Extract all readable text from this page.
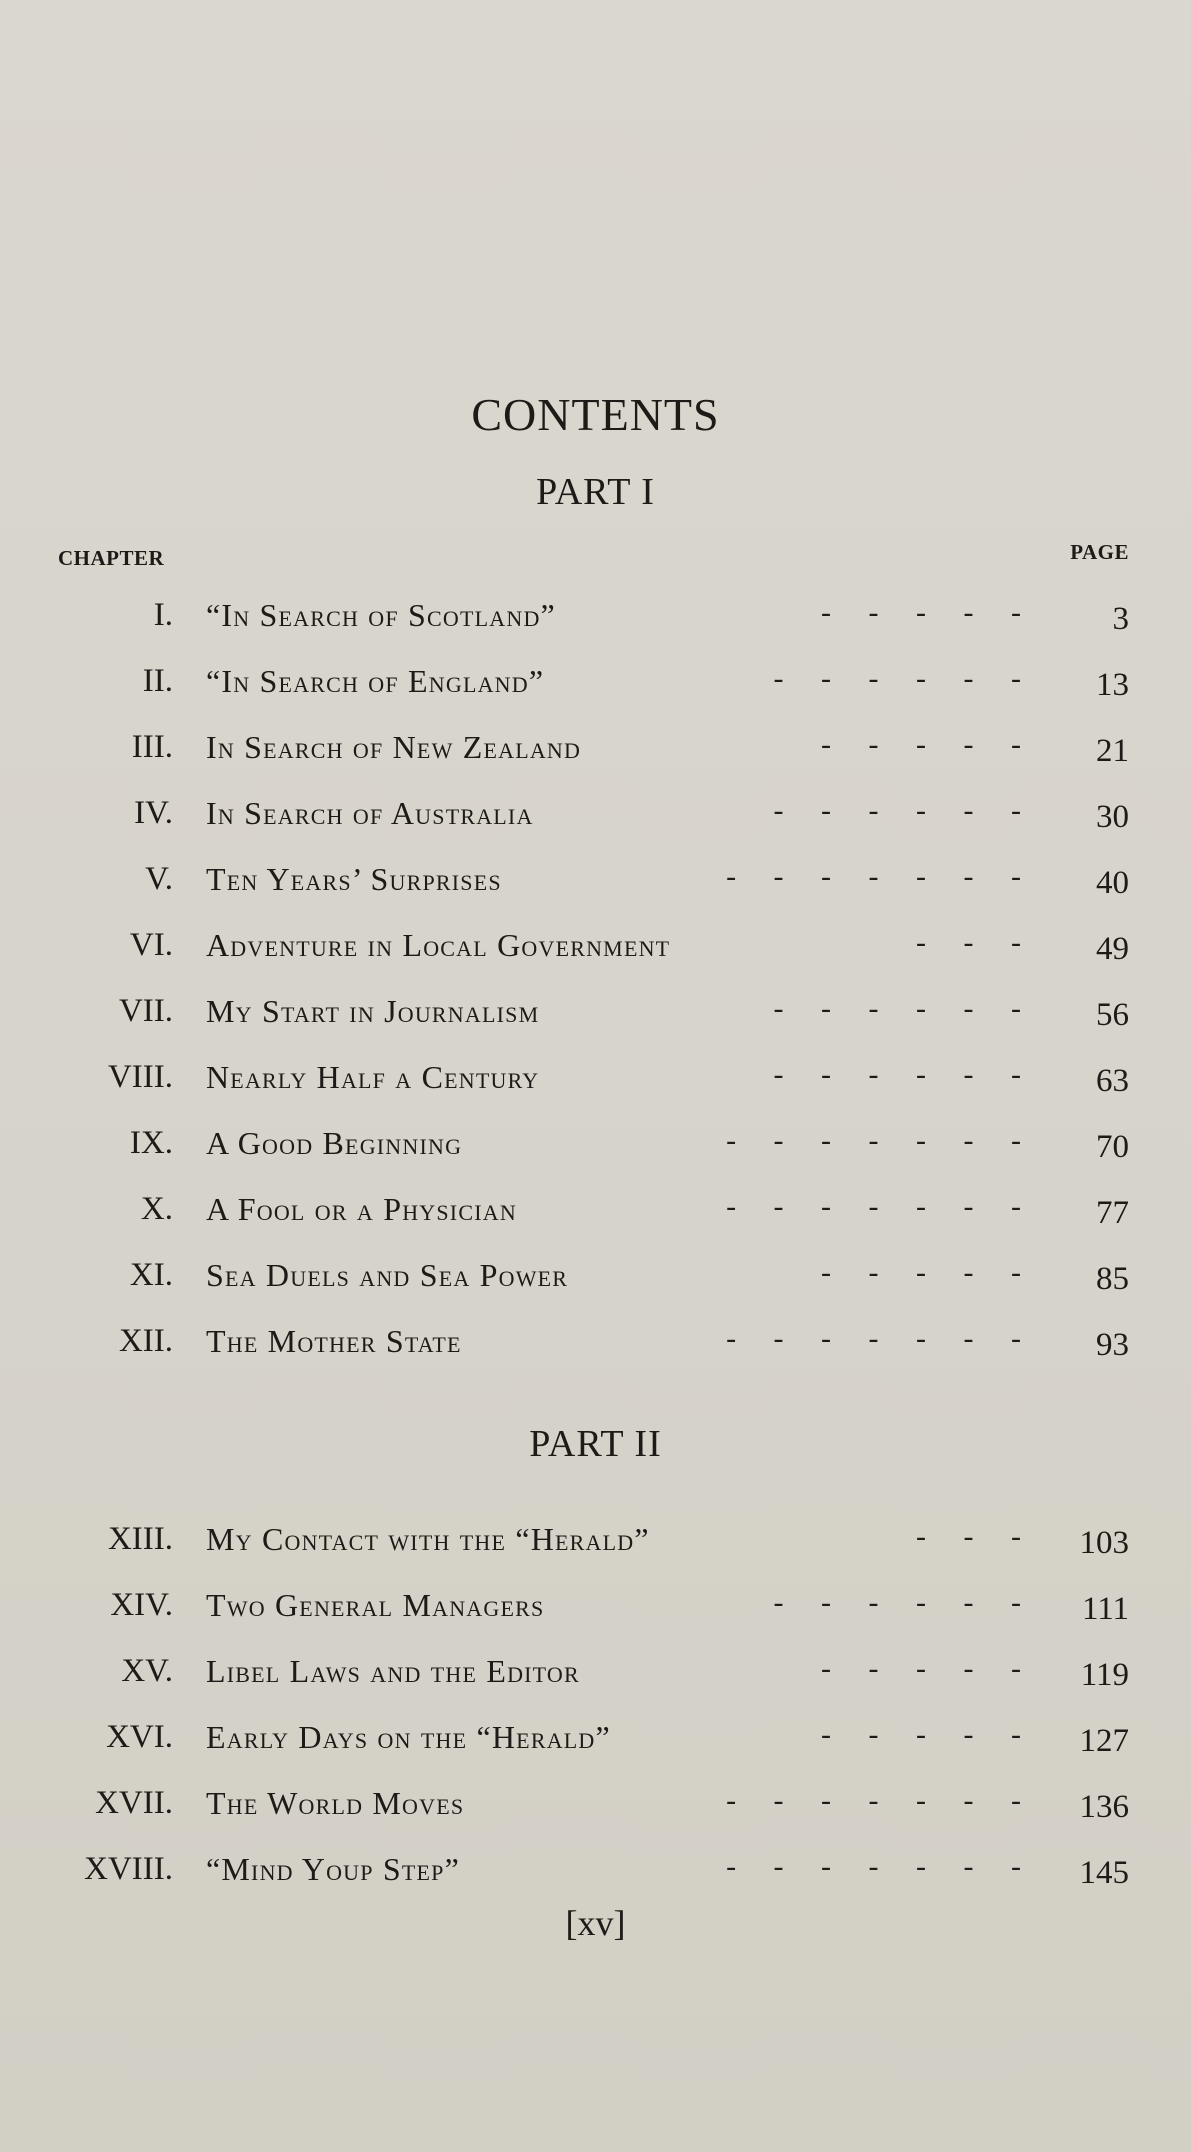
CONTENTS
PART I
CHAPTER	PAGE
I. “In Search of Scotland”	-     -     -     -     -	3
II. “In Search of England”	-     -     -     -     -     - 13
III. In Search of New Zealand	-     -     -     -     - 21
IV. In Search of Australia	-     -     -     -     -     - 30
V. Ten Years’ Surprises	-     -     -     -     -     -     - 40
VI. Adventure in Local Government	-     -     - 49
VII. My Start in Journalism	-     -     -     -     -     - 56
VIII. Nearly Half a Century	-     -     -     -     -     - 63
IX. A Good Beginning	-     -     -     -     -     -     - 70
X. A Fool or a Physician	-     -     -     -     -     -     - 77
XI. Sea Duels and Sea Power	-     -     -     -     - 85
XII. The Mother State	-     -     -     -     -     -     - 93
PART II
XIII. My Contact with the “Herald”	-     -     - 103
XIV. Two General Managers	-     -     -     -     -     - 111
XV. Libel Laws and the Editor	-     -     -     -     - 119
XVI. Early Days on the “Herald”	-     -     -     -     - 127
XVII. The World Moves	-     -     -     -     -     -     - 136
XVIII. “Mind Youp Step”	-     -     -     -     -     -     - 145
[xv]
